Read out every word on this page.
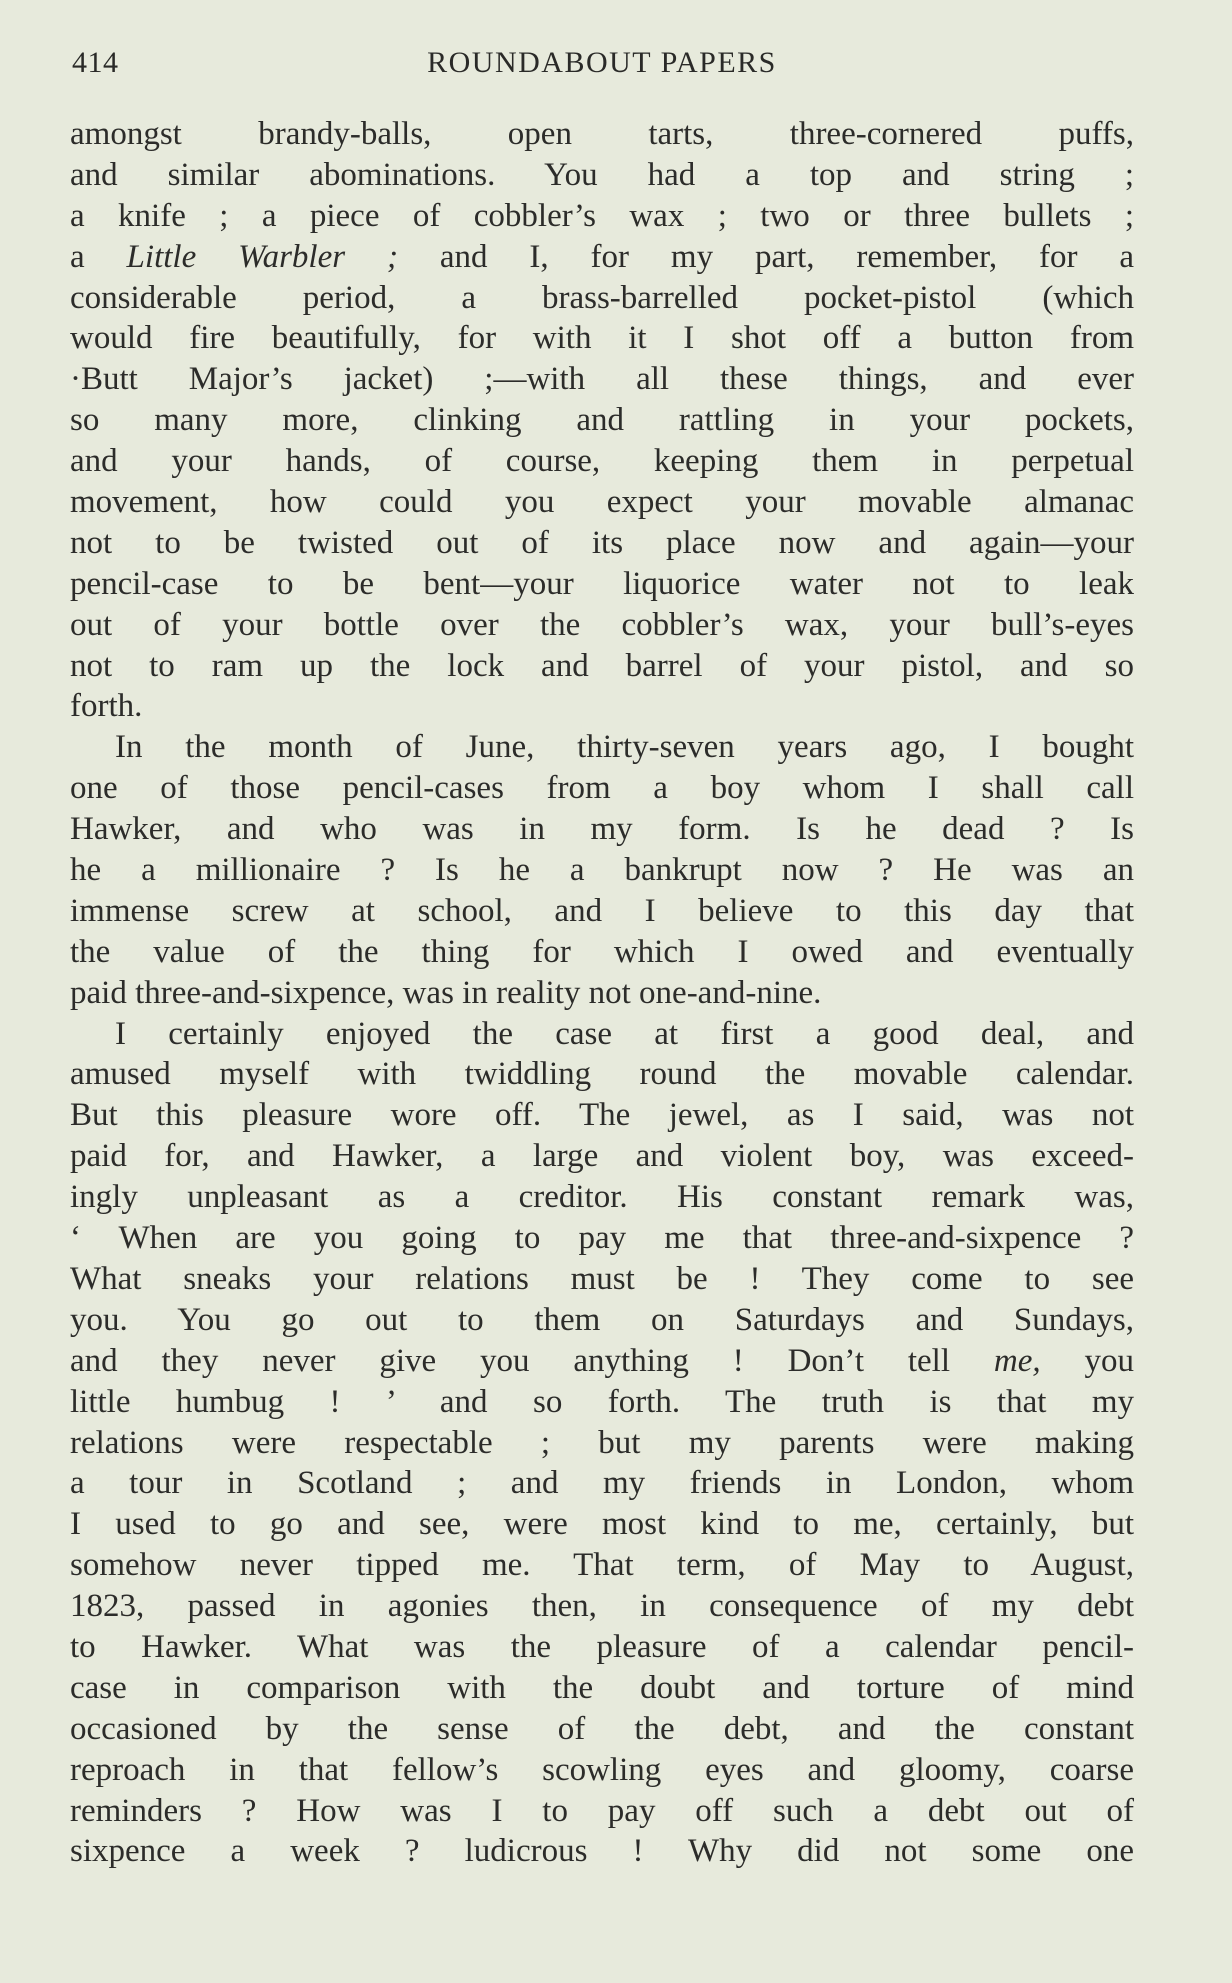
414	ROUNDABOUT PAPERS
amongst brandy-balls, open tarts, three-cornered puffs,
and similar abominations. You had a top and string ;
a knife ; a piece of cobbler’s wax ; two or three bullets ;
a Little Warbler ; and I, for my part, remember, for a
considerable period, a brass-barrelled pocket-pistol (which
would fire beautifully, for with it I shot off a button from
·Butt Major’s jacket) ;—with all these things, and ever
so many more, clinking and rattling in your pockets,
and your hands, of course, keeping them in perpetual
movement, how could you expect your movable almanac
not to be twisted out of its place now and again—your
pencil-case to be bent—your liquorice water not to leak
out of your bottle over the cobbler’s wax, your bull’s-eyes
not to ram up the lock and barrel of your pistol, and so
forth.
In the month of June, thirty-seven years ago, I bought
one of those pencil-cases from a boy whom I shall call
Hawker, and who was in my form. Is he dead ? Is
he a millionaire ? Is he a bankrupt now ? He was an
immense screw at school, and I believe to this day that
the value of the thing for which I owed and eventually
paid three-and-sixpence, was in reality not one-and-nine.
I certainly enjoyed the case at first a good deal, and
amused myself with twiddling round the movable calendar.
But this pleasure wore off. The jewel, as I said, was not
paid for, and Hawker, a large and violent boy, was exceed-
ingly unpleasant as a creditor. His constant remark was,
‘ When are you going to pay me that three-and-sixpence ?
What sneaks your relations must be ! They come to see
you. You go out to them on Saturdays and Sundays,
and they never give you anything ! Don’t tell me, you
little humbug ! ’ and so forth. The truth is that my
relations were respectable ; but my parents were making
a tour in Scotland ; and my friends in London, whom
I used to go and see, were most kind to me, certainly, but
somehow never tipped me. That term, of May to August,
1823, passed in agonies then, in consequence of my debt
to Hawker. What was the pleasure of a calendar pencil-
case in comparison with the doubt and torture of mind
occasioned by the sense of the debt, and the constant
reproach in that fellow’s scowling eyes and gloomy, coarse
reminders ? How was I to pay off such a debt out of
sixpence a week ? ludicrous ! Why did not some one
